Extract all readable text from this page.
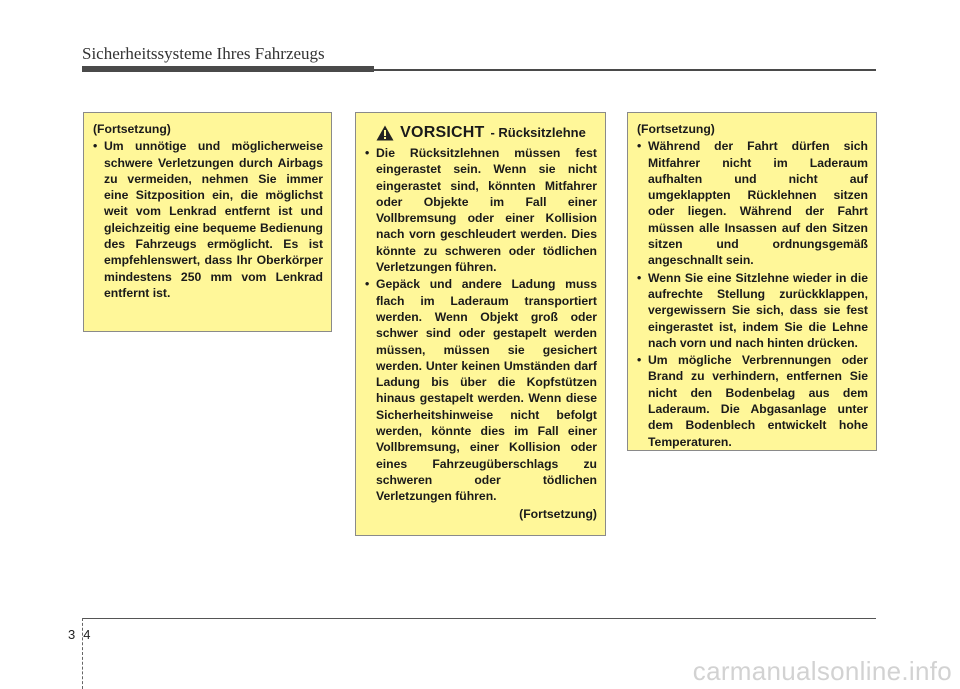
Sicherheitssysteme Ihres Fahrzeugs
(Fortsetzung)
• Um unnötige und möglicherweise schwere Verletzungen durch Airbags zu vermeiden, nehmen Sie immer eine Sitzposition ein, die möglichst weit vom Lenkrad entfernt ist und gleichzeitig eine bequeme Bedienung des Fahrzeugs ermöglicht. Es ist empfehlenswert, dass Ihr Oberkörper mindestens 250 mm vom Lenkrad entfernt ist.
VORSICHT - Rücksitzlehne
• Die Rücksitzlehnen müssen fest eingerastet sein. Wenn sie nicht eingerastet sind, könnten Mitfahrer oder Objekte im Fall einer Vollbremsung oder einer Kollision nach vorn geschleudert werden. Dies könnte zu schweren oder tödlichen Verletzungen führen.
• Gepäck und andere Ladung muss flach im Laderaum transportiert werden. Wenn Objekt groß oder schwer sind oder gestapelt werden müssen, müssen sie gesichert werden. Unter keinen Umständen darf Ladung bis über die Kopfstützen hinaus gestapelt werden. Wenn diese Sicherheitshinweise nicht befolgt werden, könnte dies im Fall einer Vollbremsung, einer Kollision oder eines Fahrzeugüberschlags zu schweren oder tödlichen Verletzungen führen.
(Fortsetzung)
(Fortsetzung)
• Während der Fahrt dürfen sich Mitfahrer nicht im Laderaum aufhalten und nicht auf umgeklappten Rücklehnen sitzen oder liegen. Während der Fahrt müssen alle Insassen auf den Sitzen sitzen und ordnungsgemäß angeschnallt sein.
• Wenn Sie eine Sitzlehne wieder in die aufrechte Stellung zurückklappen, vergewissern Sie sich, dass sie fest eingerastet ist, indem Sie die Lehne nach vorn und nach hinten drücken.
• Um mögliche Verbrennungen oder Brand zu verhindern, entfernen Sie nicht den Bodenbelag aus dem Laderaum. Die Abgasanlage unter dem Bodenblech entwickelt hohe Temperaturen.
34
carmanualsonline.info
